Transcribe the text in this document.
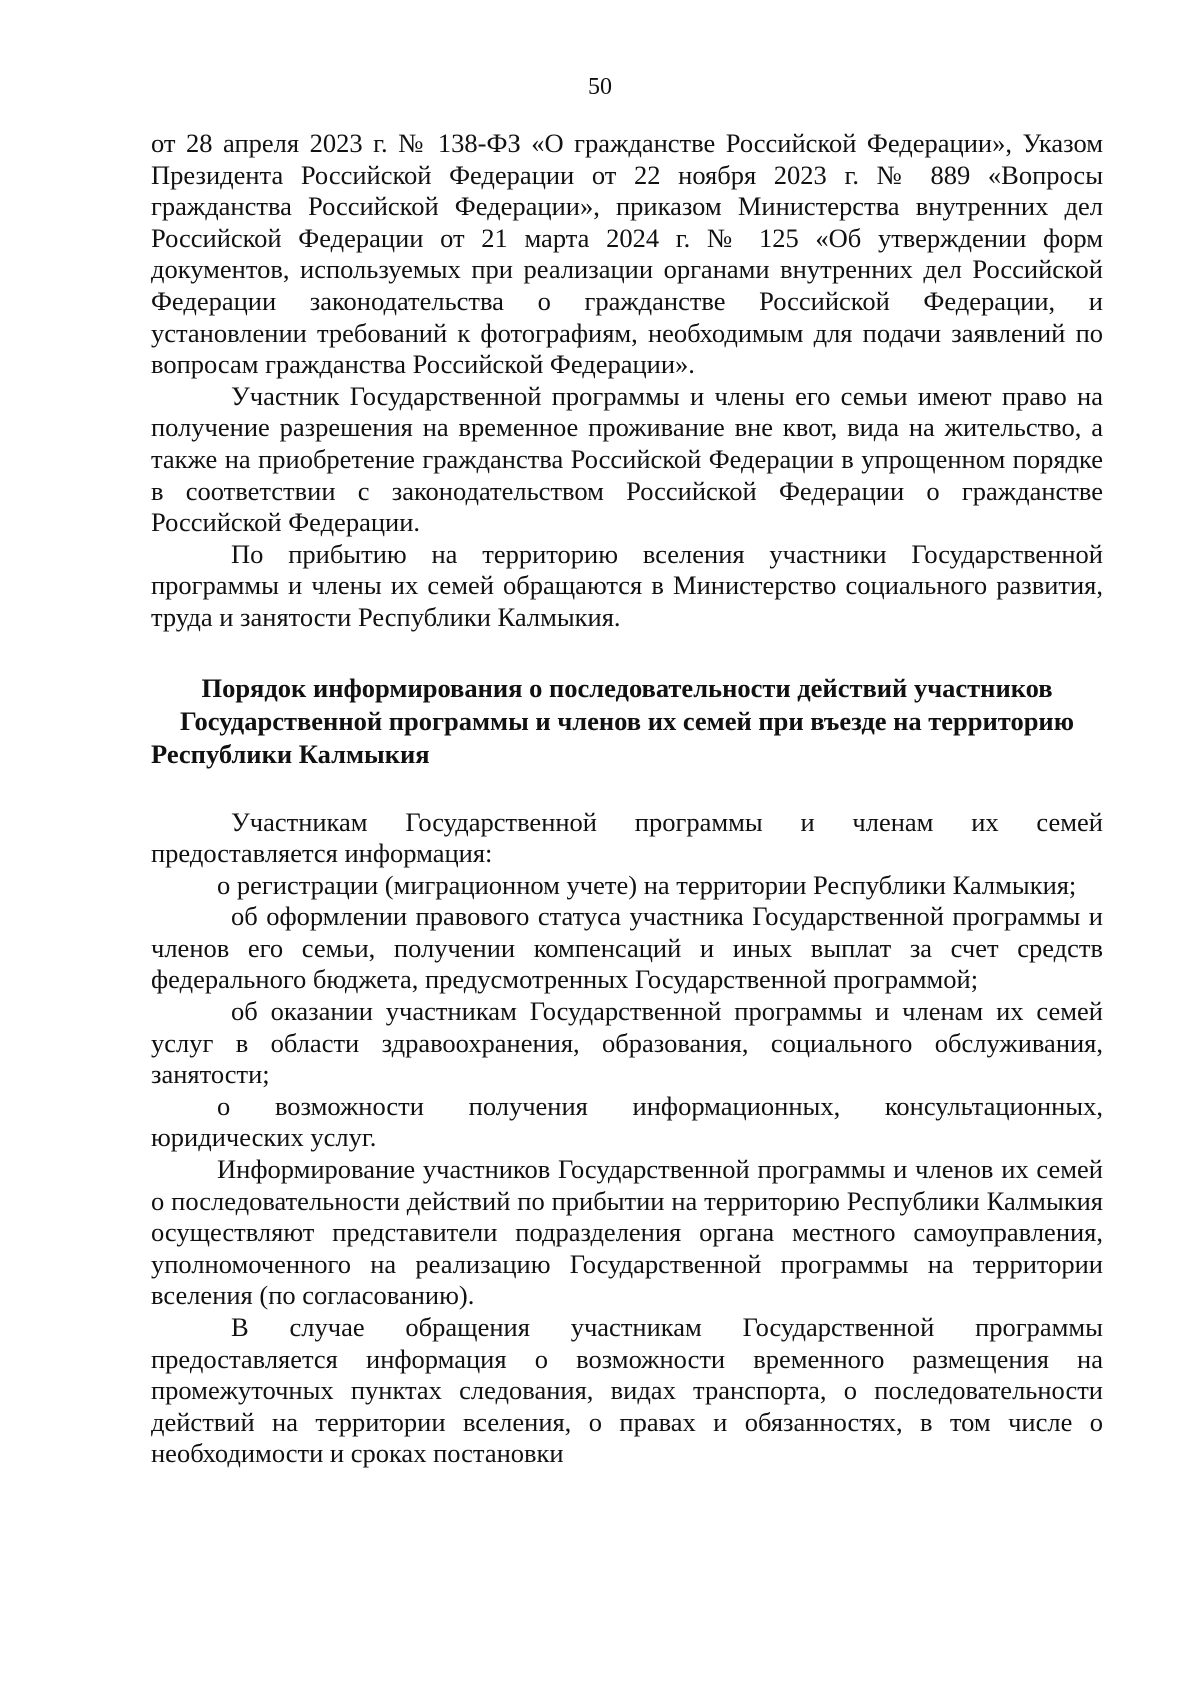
50

от 28 апреля 2023 г. № 138-ФЗ «О гражданстве Российской Федерации», Указом Президента Российской Федерации от 22 ноября 2023 г. № 889 «Вопросы гражданства Российской Федерации», приказом Министерства внутренних дел Российской Федерации от 21 марта 2024 г. № 125 «Об утверждении форм документов, используемых при реализации органами внутренних дел Российской Федерации законодательства о гражданстве Российской Федерации, и установлении требований к фотографиям, необходимым для подачи заявлений по вопросам гражданства Российской Федерации».

Участник Государственной программы и члены его семьи имеют право на получение разрешения на временное проживание вне квот, вида на жительство, а также на приобретение гражданства Российской Федерации в упрощенном порядке в соответствии с законодательством Российской Федерации о гражданстве Российской Федерации.

По прибытию на территорию вселения участники Государственной программы и члены их семей обращаются в Министерство социального развития, труда и занятости Республики Калмыкия.

Порядок информирования о последовательности действий участников Государственной программы и членов их семей при въезде на территорию Республики Калмыкия

Участникам Государственной программы и членам их семей предоставляется информация:

о регистрации (миграционном учете) на территории Республики Калмыкия;

об оформлении правового статуса участника Государственной программы и членов его семьи, получении компенсаций и иных выплат за счет средств федерального бюджета, предусмотренных Государственной программой;

об оказании участникам Государственной программы и членам их семей услуг в области здравоохранения, образования, социального обслуживания, занятости;

о возможности получения информационных, консультационных, юридических услуг.

Информирование участников Государственной программы и членов их семей о последовательности действий по прибытии на территорию Республики Калмыкия осуществляют представители подразделения органа местного самоуправления, уполномоченного на реализацию Государственной программы на территории вселения (по согласованию).

В случае обращения участникам Государственной программы предоставляется информация о возможности временного размещения на промежуточных пунктах следования, видах транспорта, о последовательности действий на территории вселения, о правах и обязанностях, в том числе о необходимости и сроках постановки
